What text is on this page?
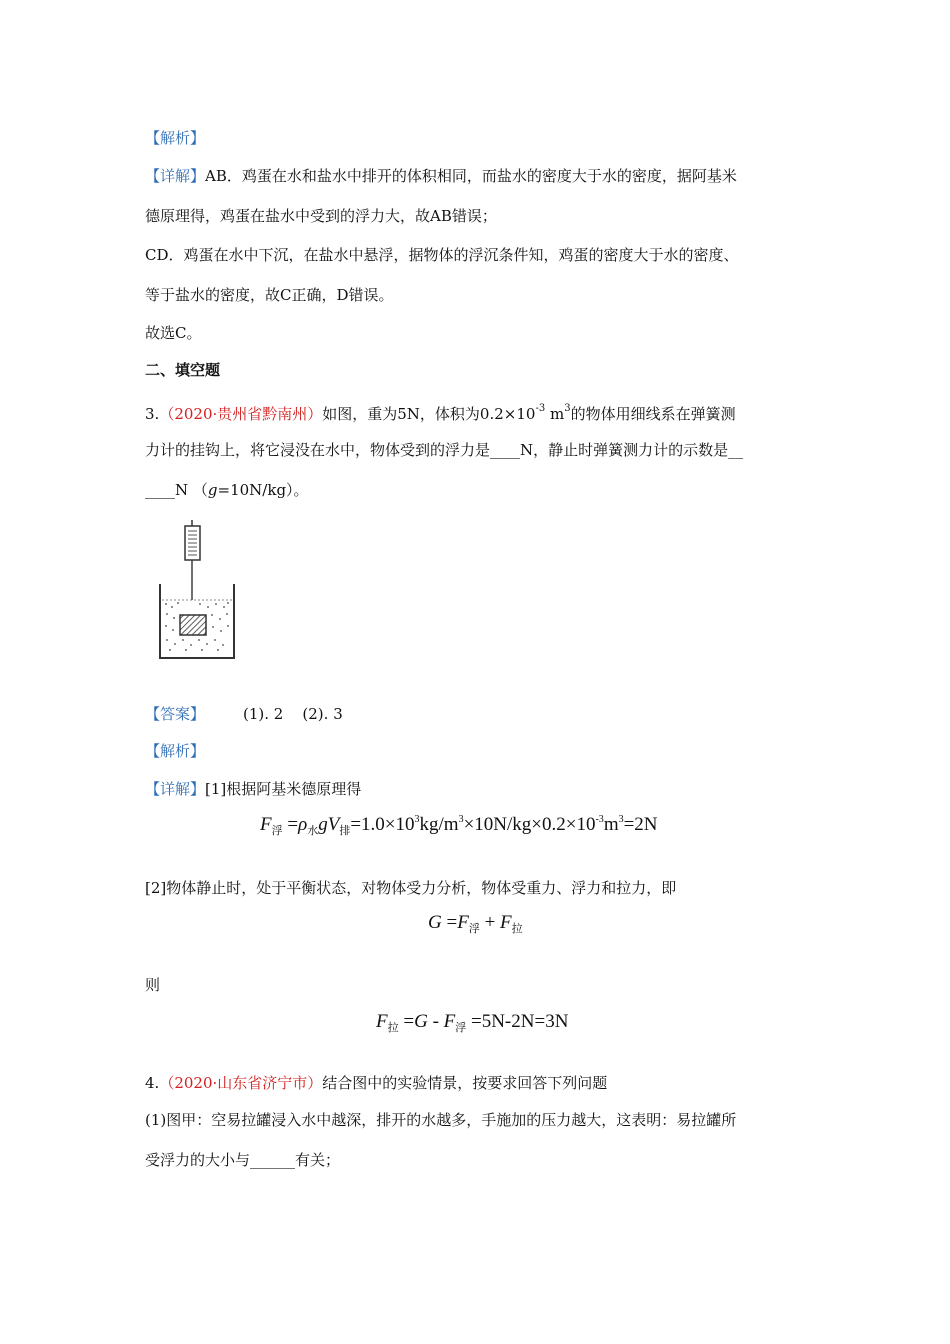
【解析】
【详解】AB．鸡蛋在水和盐水中排开的体积相同，而盐水的密度大于水的密度，据阿基米
德原理得，鸡蛋在盐水中受到的浮力大，故AB错误；
CD．鸡蛋在水中下沉，在盐水中悬浮，据物体的浮沉条件知，鸡蛋的密度大于水的密度、
等于盐水的密度，故C正确，D错误。
故选C。
二、填空题
3.（2020·贵州省黔南州）如图，重为5N，体积为$0.2\times 10^{-3}$ $m^3$的物体用细线系在弹簧测
力计的挂钩上，将它浸没在水中，物体受到的浮力是____N，静止时弹簧测力计的示数是__
____N （g=10N/kg）。
【答案】	(1). 2    (2). 3
【解析】
【详解】[1]根据阿基米德原理得
$F_浮 =\rho_水gV_排=1.0\times 10^3kg/m^3\times 10N/kg\times 0.2\times 10^{-3}m^3=2N$
[2]物体静止时，处于平衡状态，对物体受力分析，物体受重力、浮力和拉力，即
$G =F_浮 + F_拉$
则
$F_拉 =G - F_浮 =5N-2N=3N$
4.（2020·山东省济宁市）结合图中的实验情景，按要求回答下列问题
(1)图甲：空易拉罐浸入水中越深，排开的水越多，手施加的压力越大，这表明：易拉罐所
受浮力的大小与______有关；
